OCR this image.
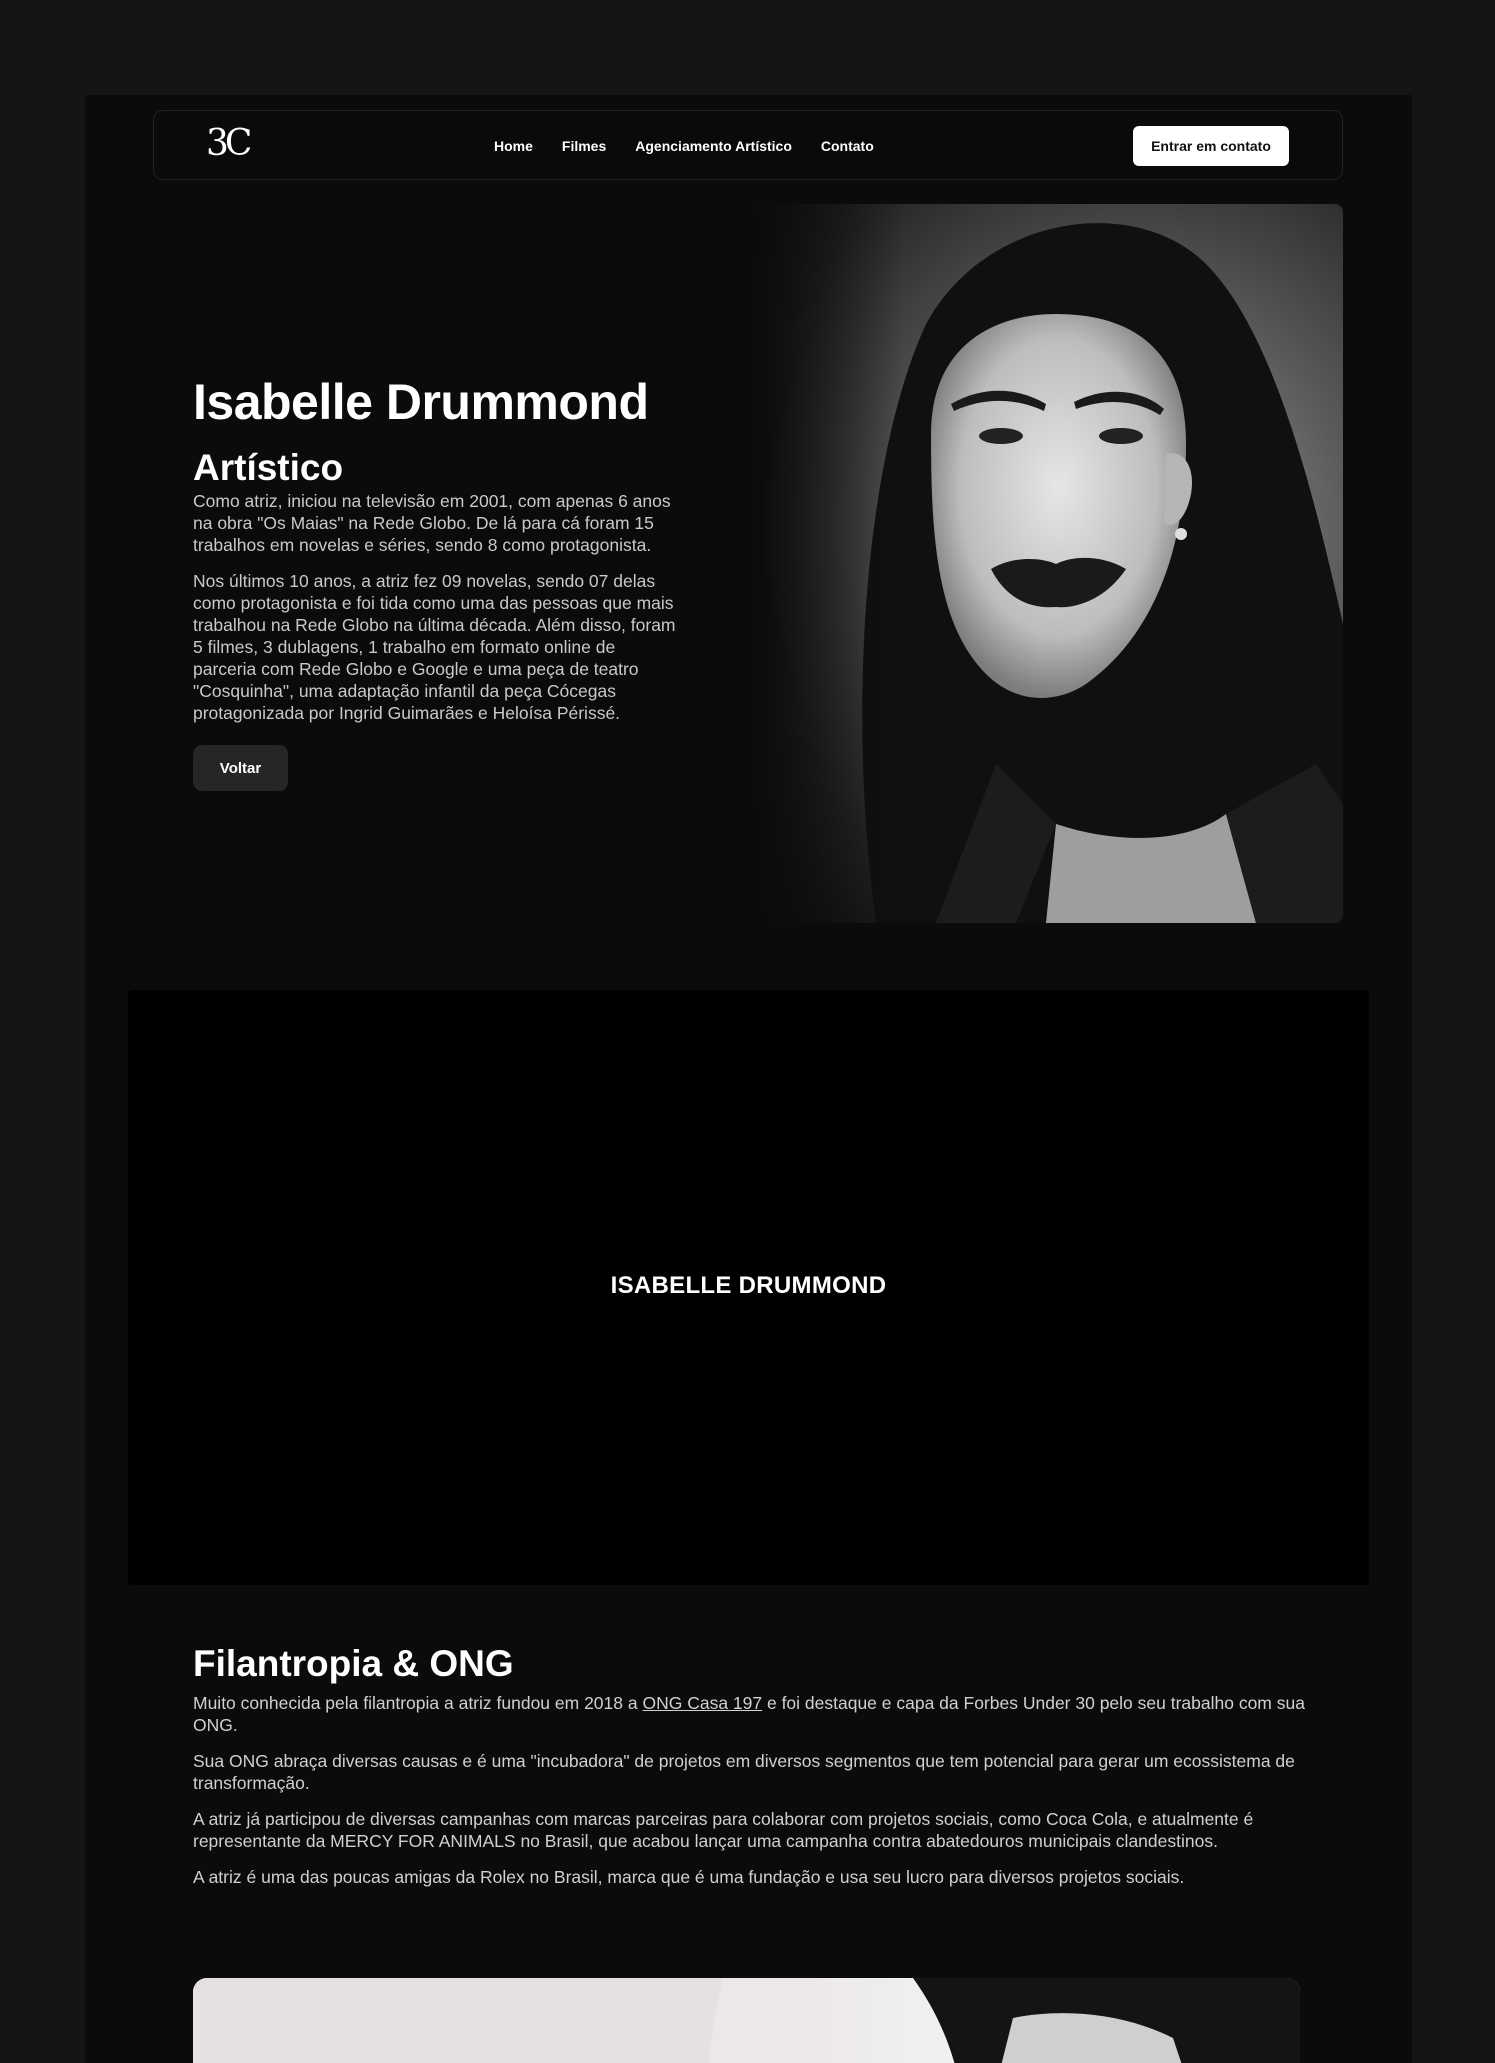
3C	Home Filmes Agenciamento Artístico Contato	Entrar em contato
Isabelle Drummond
Artístico

Como atriz, iniciou na televisão em 2001, com apenas 6 anos na obra "Os Maias" na Rede Globo. De lá para cá foram 15 trabalhos em novelas e séries, sendo 8 como protagonista.

Nos últimos 10 anos, a atriz fez 09 novelas, sendo 07 delas como protagonista e foi tida como uma das pessoas que mais trabalhou na Rede Globo na última década. Além disso, foram 5 filmes, 3 dublagens, 1 trabalho em formato online de parceria com Rede Globo e Google e uma peça de teatro "Cosquinha", uma adaptação infantil da peça Cócegas protagonizada por Ingrid Guimarães e Heloísa Périssé.

Voltar
ISABELLE DRUMMOND
Filantropia & ONG

Muito conhecida pela filantropia a atriz fundou em 2018 a ONG Casa 197 e foi destaque e capa da Forbes Under 30 pelo seu trabalho com sua ONG.

Sua ONG abraça diversas causas e é uma "incubadora" de projetos em diversos segmentos que tem potencial para gerar um ecossistema de transformação.

A atriz já participou de diversas campanhas com marcas parceiras para colaborar com projetos sociais, como Coca Cola, e atualmente é representante da MERCY FOR ANIMALS no Brasil, que acabou lançar uma campanha contra abatedouros municipais clandestinos.

A atriz é uma das poucas amigas da Rolex no Brasil, marca que é uma fundação e usa seu lucro para diversos projetos sociais.
